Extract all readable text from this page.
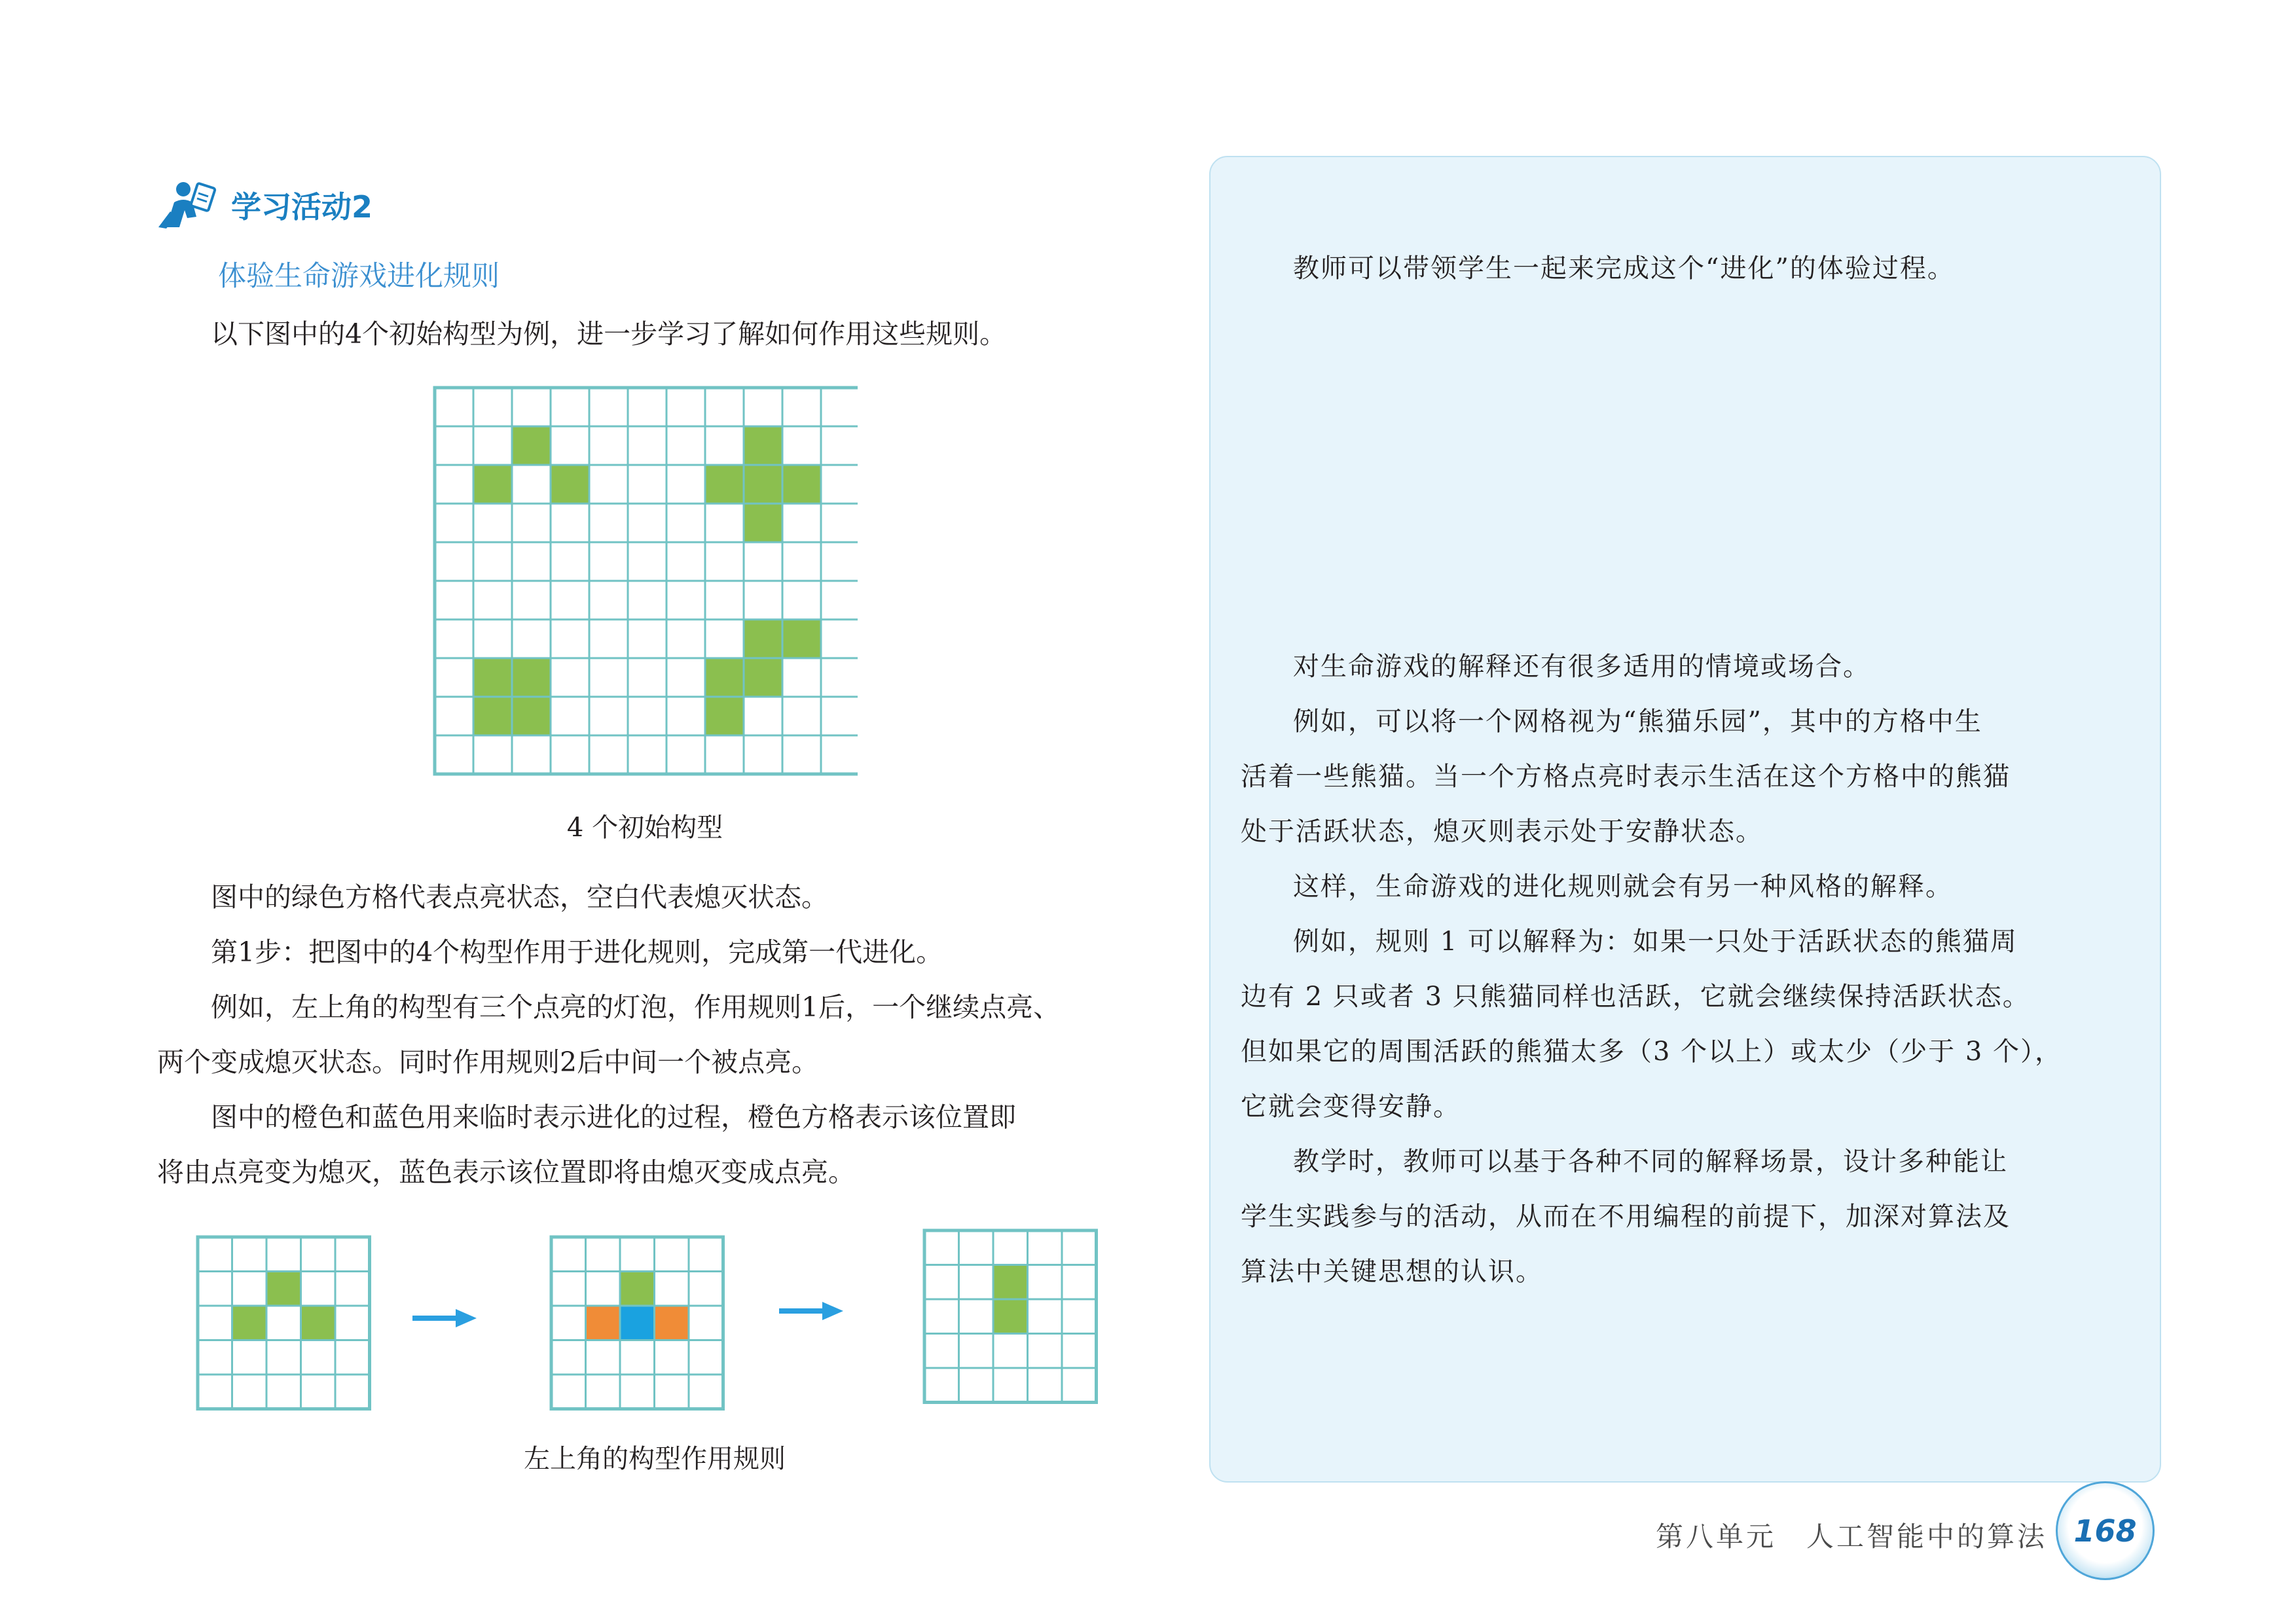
学习活动2
体验生命游戏进化规则
以下图中的4个初始构型为例，进一步学习了解如何作用这些规则。
4 个初始构型
图中的绿色方格代表点亮状态，空白代表熄灭状态。
第1步：把图中的4个构型作用于进化规则，完成第一代进化。
例如，左上角的构型有三个点亮的灯泡，作用规则1后，一个继续点亮、
两个变成熄灭状态。同时作用规则2后中间一个被点亮。
图中的橙色和蓝色用来临时表示进化的过程，橙色方格表示该位置即
将由点亮变为熄灭，蓝色表示该位置即将由熄灭变成点亮。
左上角的构型作用规则
教师可以带领学生一起来完成这个“进化”的体验过程。
对生命游戏的解释还有很多适用的情境或场合。
例如，可以将一个网格视为“熊猫乐园”，其中的方格中生
活着一些熊猫。当一个方格点亮时表示生活在这个方格中的熊猫
处于活跃状态，熄灭则表示处于安静状态。
这样，生命游戏的进化规则就会有另一种风格的解释。
例如，规则 1 可以解释为：如果一只处于活跃状态的熊猫周
边有 2 只或者 3 只熊猫同样也活跃，它就会继续保持活跃状态。
但如果它的周围活跃的熊猫太多（3 个以上）或太少（少于 3 个），
它就会变得安静。
教学时，教师可以基于各种不同的解释场景，设计多种能让
学生实践参与的活动，从而在不用编程的前提下，加深对算法及
算法中关键思想的认识。
第八单元　人工智能中的算法 168
